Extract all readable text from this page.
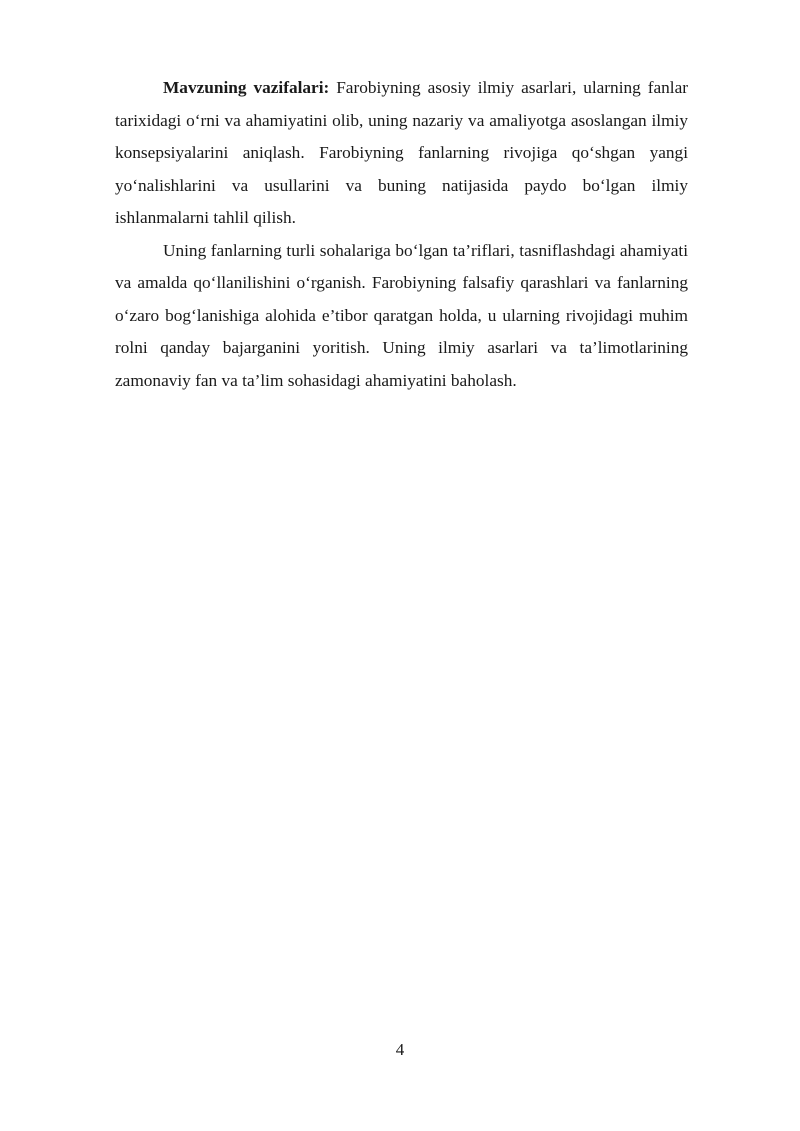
Mavzuning vazifalari: Farobiyning asosiy ilmiy asarlari, ularning fanlar tarixidagi o‘rni va ahamiyatini olib, uning nazariy va amaliyotga asoslangan ilmiy konsepsiyalarini aniqlash. Farobiyning fanlarning rivojiga qo‘shgan yangi yo‘nalishlarini va usullarini va buning natijasida paydo bo‘lgan ilmiy ishlanmalarni tahlil qilish.

Uning fanlarning turli sohalariga bo‘lgan ta’riflari, tasniflashdagi ahamiyati va amalda qo‘llanilishini o‘rganish. Farobiyning falsafiy qarashlari va fanlarning o‘zaro bog‘lanishiga alohida e’tibor qaratgan holda, u ularning rivojidagi muhim rolni qanday bajarganini yoritish. Uning ilmiy asarlari va ta’limotlarining zamonaviy fan va ta’lim sohasidagi ahamiyatini baholash.

4
